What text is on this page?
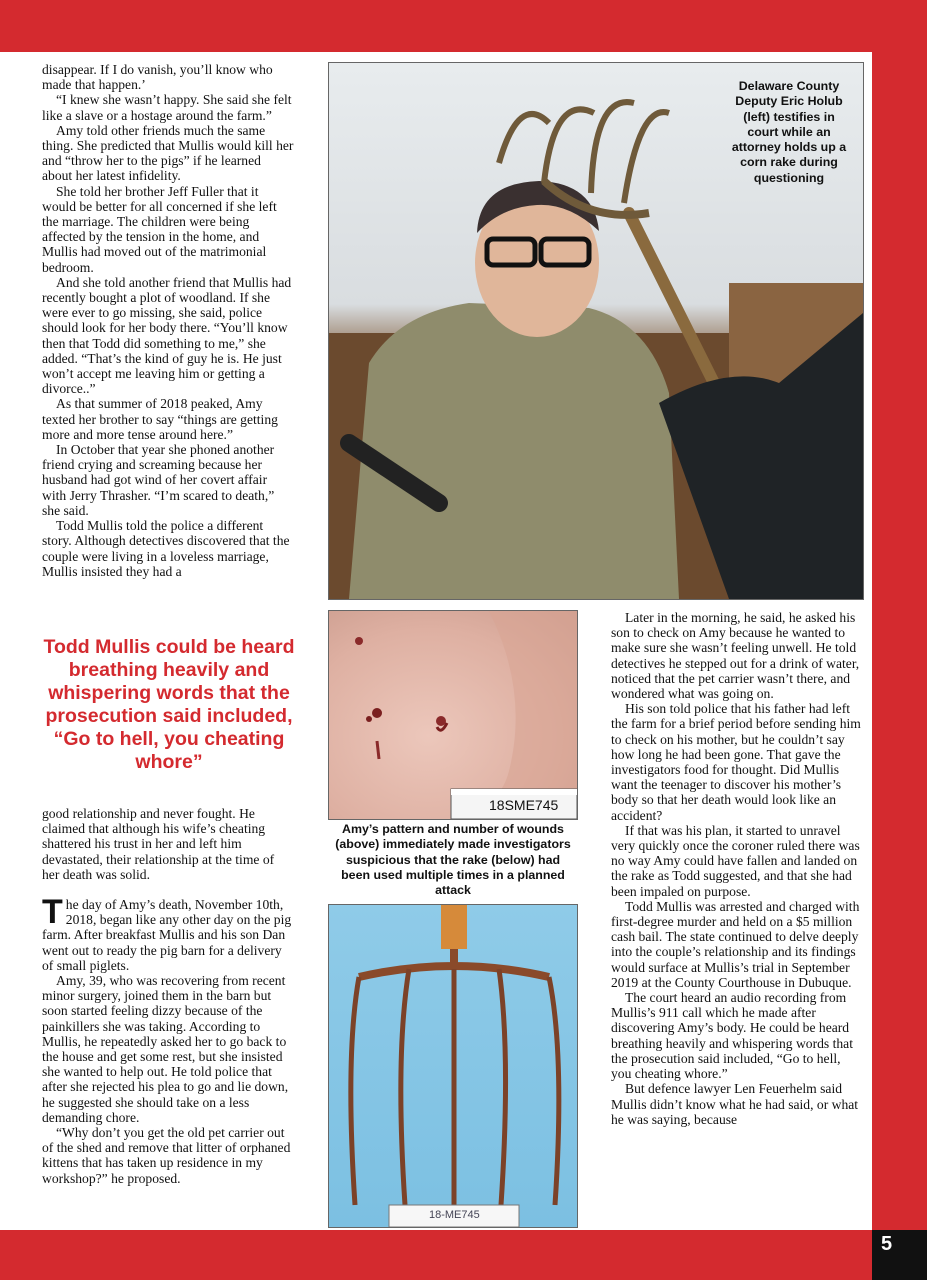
disappear. If I do vanish, you’ll know who made that happen.’

“I knew she wasn’t happy. She said she felt like a slave or a hostage around the farm.”

Amy told other friends much the same thing. She predicted that Mullis would kill her and “throw her to the pigs” if he learned about her latest infidelity.

She told her brother Jeff Fuller that it would be better for all concerned if she left the marriage. The children were being affected by the tension in the home, and Mullis had moved out of the matrimonial bedroom.

And she told another friend that Mullis had recently bought a plot of woodland. If she were ever to go missing, she said, police should look for her body there. “You’ll know then that Todd did something to me,” she added. “That’s the kind of guy he is. He just won’t accept me leaving him or getting a divorce..”

As that summer of 2018 peaked, Amy texted her brother to say “things are getting more and more tense around here.”

In October that year she phoned another friend crying and screaming because her husband had got wind of her covert affair with Jerry Thrasher. “I’m scared to death,” she said.

Todd Mullis told the police a different story. Although detectives discovered that the couple were living in a loveless marriage, Mullis insisted they had a

Todd Mullis could be heard breathing heavily and whispering words that the prosecution said included, “Go to hell, you cheating whore”

good relationship and never fought. He claimed that although his wife’s cheating shattered his trust in her and left him devastated, their relationship at the time of her death was solid.

The day of Amy’s death, November 10th, 2018, began like any other day on the pig farm. After breakfast Mullis and his son Dan went out to ready the pig barn for a delivery of small piglets.

Amy, 39, who was recovering from recent minor surgery, joined them in the barn but soon started feeling dizzy because of the painkillers she was taking. According to Mullis, he repeatedly asked her to go back to the house and get some rest, but she insisted she wanted to help out. He told police that after she rejected his plea to go and lie down, he suggested she should take on a less demanding chore.

“Why don’t you get the old pet carrier out of the shed and remove that litter of orphaned kittens that has taken up residence in my workshop?” he proposed.

Delaware County Deputy Eric Holub (left) testifies in court while an attorney holds up a corn rake during questioning
18SME745
Amy’s pattern and number of wounds (above) immediately made investigators suspicious that the rake (below) had been used multiple times in a planned attack
18-ME745

Later in the morning, he said, he asked his son to check on Amy because he wanted to make sure she wasn’t feeling unwell. He told detectives he stepped out for a drink of water, noticed that the pet carrier wasn’t there, and wondered what was going on.

His son told police that his father had left the farm for a brief period before sending him to check on his mother, but he couldn’t say how long he had been gone. That gave the investigators food for thought. Did Mullis want the teenager to discover his mother’s body so that her death would look like an accident?

If that was his plan, it started to unravel very quickly once the coroner ruled there was no way Amy could have fallen and landed on the rake as Todd suggested, and that she had been impaled on purpose.

Todd Mullis was arrested and charged with first-degree murder and held on a $5 million cash bail. The state continued to delve deeply into the couple’s relationship and its findings would surface at Mullis’s trial in September 2019 at the County Courthouse in Dubuque.

The court heard an audio recording from Mullis’s 911 call which he made after discovering Amy’s body. He could be heard breathing heavily and whispering words that the prosecution said included, “Go to hell, you cheating whore.”

But defence lawyer Len Feuerhelm said Mullis didn’t know what he had said, or what he was saying, because

5
